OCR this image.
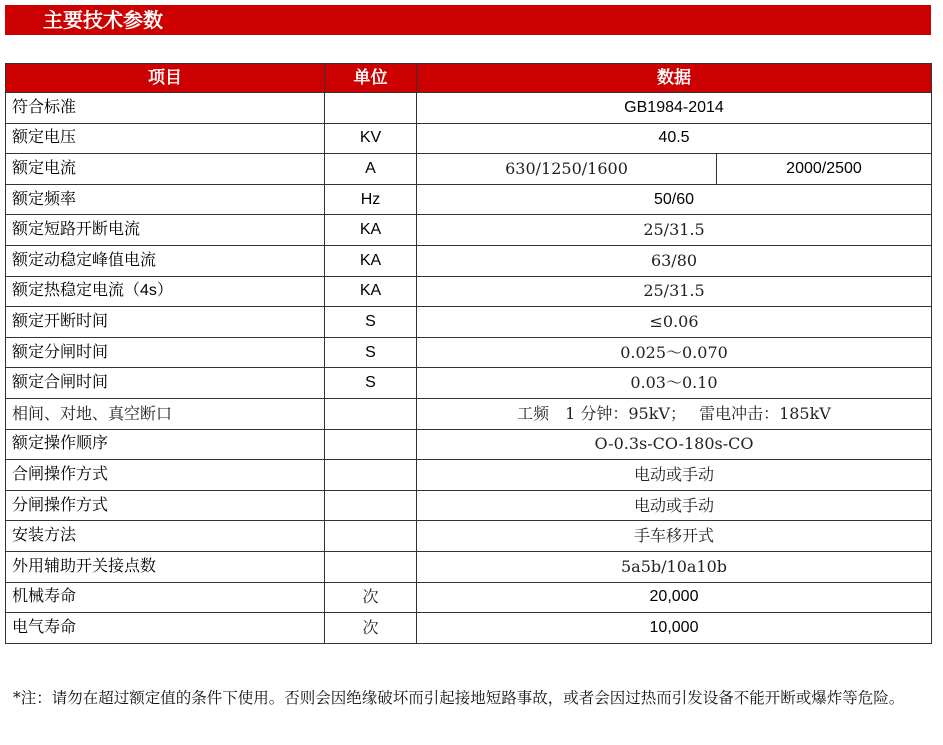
主要技术参数
项目	单位	数据	
符合标准		GB1984-2014	
额定电压	KV	40.5	
额定电流	A	630/1250/1600	2000/2500
额定频率	Hz	50/60	
额定短路开断电流	KA	25/31.5	
额定动稳定峰值电流	KA	63/80	
额定热稳定电流（4s）	KA	25/31.5	
额定开断时间	S	≤0.06	
额定分闸时间	S	0.025～0.070	
额定合闸时间	S	0.03～0.10	
相间、对地、真空断口		工频　1 分钟：95kV；　 雷电冲击：185kV	
额定操作顺序		O-0.3s-CO-180s-CO	
合闸操作方式		电动或手动	
分闸操作方式		电动或手动	
安装方法		手车移开式	
外用辅助开关接点数		5a5b/10a10b	
机械寿命	次	20,000	
电气寿命	次	10,000	
*注：请勿在超过额定值的条件下使用。否则会因绝缘破坏而引起接地短路事故，或者会因过热而引发设备不能开断或爆炸等危险。
